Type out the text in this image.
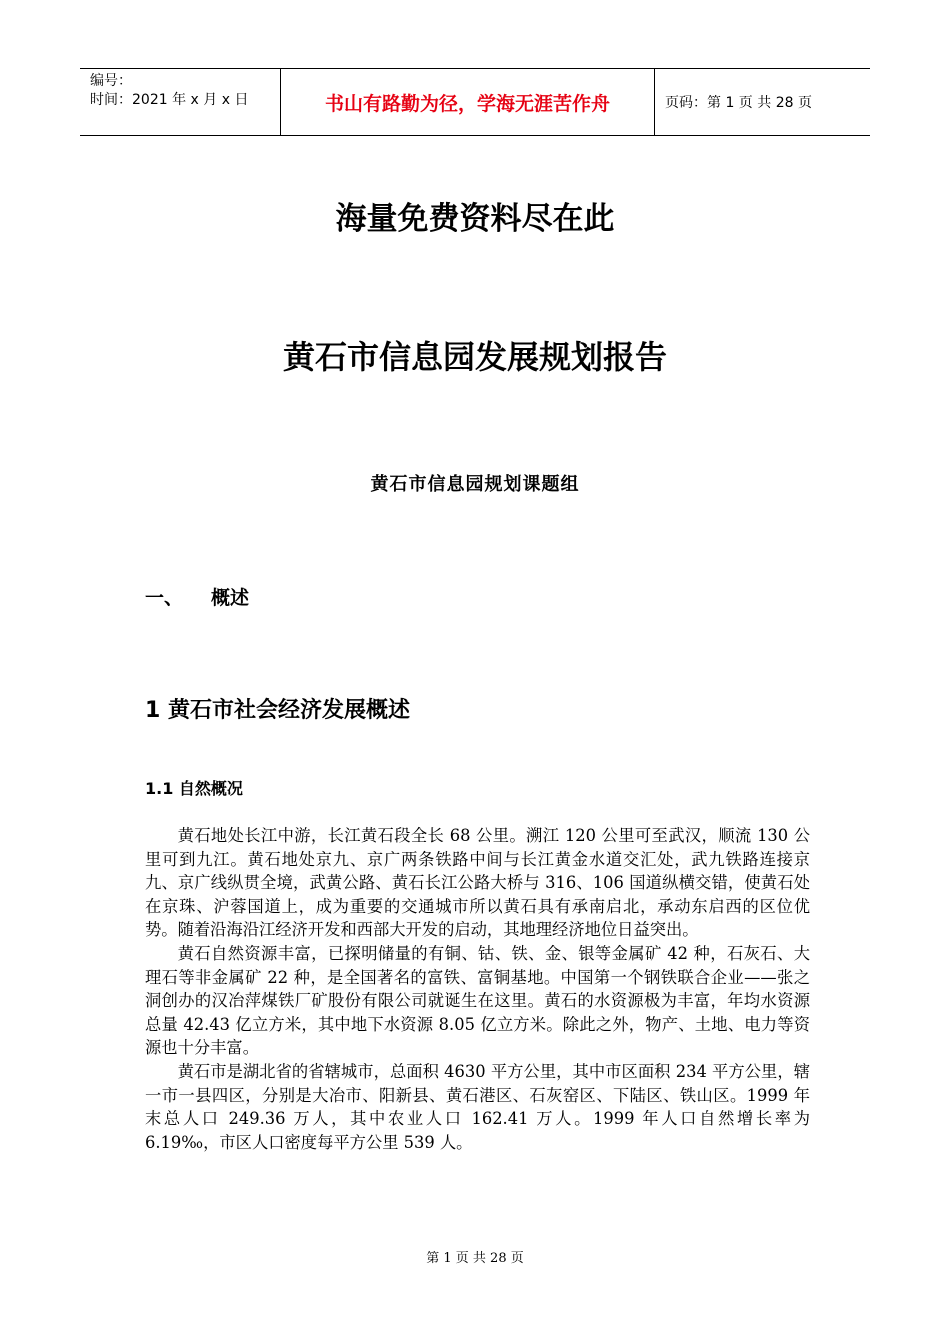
编号：
时间：2021 年 x 月 x 日	书山有路勤为径，学海无涯苦作舟	页码：第 1 页 共 28 页
海量免费资料尽在此
黄石市信息园发展规划报告
黄石市信息园规划课题组
一、 概述
1 黄石市社会经济发展概述
1.1 自然概况

黄石地处长江中游，长江黄石段全长 68 公里。溯江 120 公里可至武汉，顺流 130 公里可到九江。黄石地处京九、京广两条铁路中间与长江黄金水道交汇处，武九铁路连接京九、京广线纵贯全境，武黄公路、黄石长江公路大桥与 316、106 国道纵横交错，使黄石处在京珠、沪蓉国道上，成为重要的交通城市所以黄石具有承南启北，承动东启西的区位优势。随着沿海沿江经济开发和西部大开发的启动，其地理经济地位日益突出。

黄石自然资源丰富，已探明储量的有铜、钴、铁、金、银等金属矿 42 种，石灰石、大理石等非金属矿 22 种，是全国著名的富铁、富铜基地。中国第一个钢铁联合企业——张之洞创办的汉冶萍煤铁厂矿股份有限公司就诞生在这里。黄石的水资源极为丰富，年均水资源总量 42.43 亿立方米，其中地下水资源 8.05 亿立方米。除此之外，物产、土地、电力等资源也十分丰富。

黄石市是湖北省的省辖城市，总面积 4630 平方公里，其中市区面积 234 平方公里，辖一市一县四区，分别是大冶市、阳新县、黄石港区、石灰窑区、下陆区、铁山区。1999 年末总人口 249.36 万人，其中农业人口 162.41 万人。1999 年人口自然增长率为 6.19‰，市区人口密度每平方公里 539 人。

第 1 页 共 28 页
